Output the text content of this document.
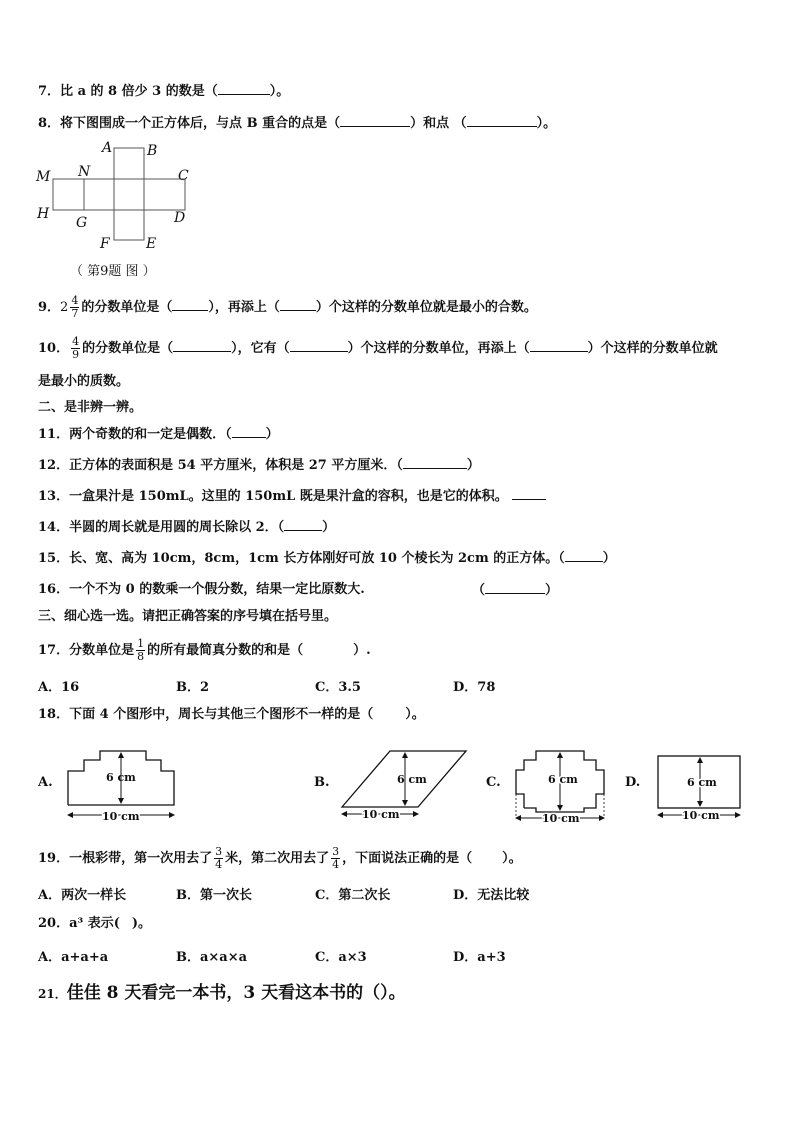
7．比 a 的 8 倍少 3 的数是（	）。
8．将下图围成一个正方体后，与点 B 重合的点是（	）和点 （	）。
A B
C
D
E
F
G
H
M N
（ 第9题 图 ）
9．$2 \frac{4}{7}$ 的分数单位是（	），再添上（	）个这样的分数单位就是最小的合数。
10． $\frac{4}{9}$ 的分数单位是（	），它有（	）个这样的分数单位，再添上（	）个这样的分数单位就
是最小的质数。
二、是非辨一辨。
11．两个奇数的和一定是偶数．（	）
12．正方体的表面积是 54 平方厘米，体积是 27 平方厘米．（	）
13．一盒果汁是 150mL。这里的 150mL 既是果汁盒的容积，也是它的体积。
14．半圆的周长就是用圆的周长除以 2．（	）
15．长、宽、高为 10cm，8cm，1cm 长方体刚好可放 10 个棱长为 2cm 的正方体。（	）
16．一个不为 0 的数乘一个假分数，结果一定比原数大.	（	）
三、细心选一选。请把正确答案的序号填在括号里。
17．分数单位是 $\frac{1}{8}$ 的所有最简真分数的和是（	）.
A．16	B．2	C．3.5	D．78
18．下面 4 个图形中，周长与其他三个图形不一样的是（ ）。
A.	B.	C.	D.
6 cm
10 cm
6 cm
10 cm
6 cm
10 cm
6 cm
10 cm
19．一根彩带，第一次用去了 $\frac{3}{4}$ 米，第二次用去了 $\frac{3}{4}$ ，下面说法正确的是（ ）。
A．两次一样长	B．第一次长	C．第二次长	D．无法比较
20．a³ 表示( )。
A．a+a+a	B．a×a×a	C．a×3	D．a+3
21．佳佳 8 天看完一本书，3 天看这本书的（）。
